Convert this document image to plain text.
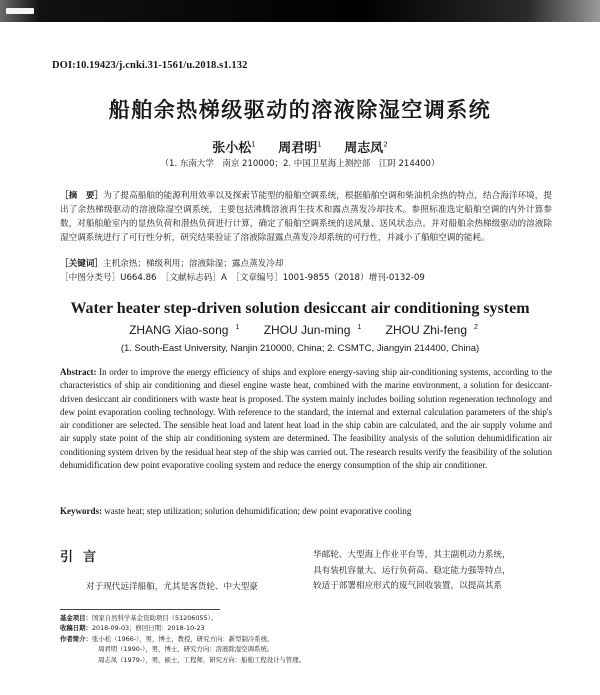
DOI:10.19423/j.cnki.31-1561/u.2018.s1.132
船舶余热梯级驱动的溶液除湿空调系统
张小松$^1$ 周君明$^1$ 周志凤$^2$
（1. 东南大学　南京 210000；2. 中国卫星海上测控部　江阴 214400）
［摘　要］为了提高船舶的能源利用效率以及探索节能型的船舶空调系统，根据船舶空调和柴油机余热的特点，结合海洋环境，提出了余热梯级驱动的溶液除湿空调系统，主要包括沸腾溶液再生技术和露点蒸发冷却技术。参照标准选定船舶空调的内外计算参数，对船舶舱室内的显热负荷和潜热负荷进行计算，确定了船舶空调系统的送风量、送风状态点。并对船舶余热梯级驱动的溶液除湿空调系统进行了可行性分析，研究结果验证了溶液除湿露点蒸发冷却系统的可行性，并减小了船舶空调的能耗。
［关键词］主机余热；梯级利用；溶液除湿；露点蒸发冷却
［中图分类号］U664.86　［文献标志码］A　［文章编号］1001-9855（2018）增刊-0132-09
Water heater step-driven solution desiccant air conditioning system
ZHANG Xiao-song $^1$ ZHOU Jun-ming $^1$ ZHOU Zhi-feng $^2$
(1. South-East University, Nanjin 210000, China; 2. CSMTC, Jiangyin 214400, China)
Abstract: In order to improve the energy efficiency of ships and explore energy-saving ship air-conditioning systems, according to the characteristics of ship air conditioning and diesel engine waste heat, combined with the marine environment, a solution for desiccant-driven desiccant air conditioners with waste heat is proposed. The system mainly includes boiling solution regeneration technology and dew point evaporation cooling technology. With reference to the standard, the internal and external calculation parameters of the ship's air conditioner are selected. The sensible heat load and latent heat load in the ship cabin are calculated, and the air supply volume and air supply state point of the ship air conditioning system are determined. The feasibility analysis of the solution dehumidification air conditioning system driven by the residual heat step of the ship was carried out. The research results verify the feasibility of the solution dehumidification dew point evaporative cooling system and reduce the energy consumption of the ship air conditioner.
Keywords: waste heat; step utilization; solution dehumidification; dew point evaporative cooling
引言
对于现代远洋船舶，尤其是客货轮、中大型豪
华邮轮、大型海上作业平台等，其主副机动力系统，
具有装机容量大、运行负荷高、稳定能力强等特点，
较适于部署相应形式的废气回收装置，以提高其系
基金项目：国家自然科学基金资助项目（51206055）。
收稿日期：2018-09-03；修回日期：2018-10-23
作者简介：张小松（1966-），男，博士，教授，研究方向：新型制冷系统。
周君明（1990-），男，博士，研究方向：溶液除湿空调系统。
周志凤（1979-），男，硕士，工程师，研究方向：船舶工程设计与管理。
